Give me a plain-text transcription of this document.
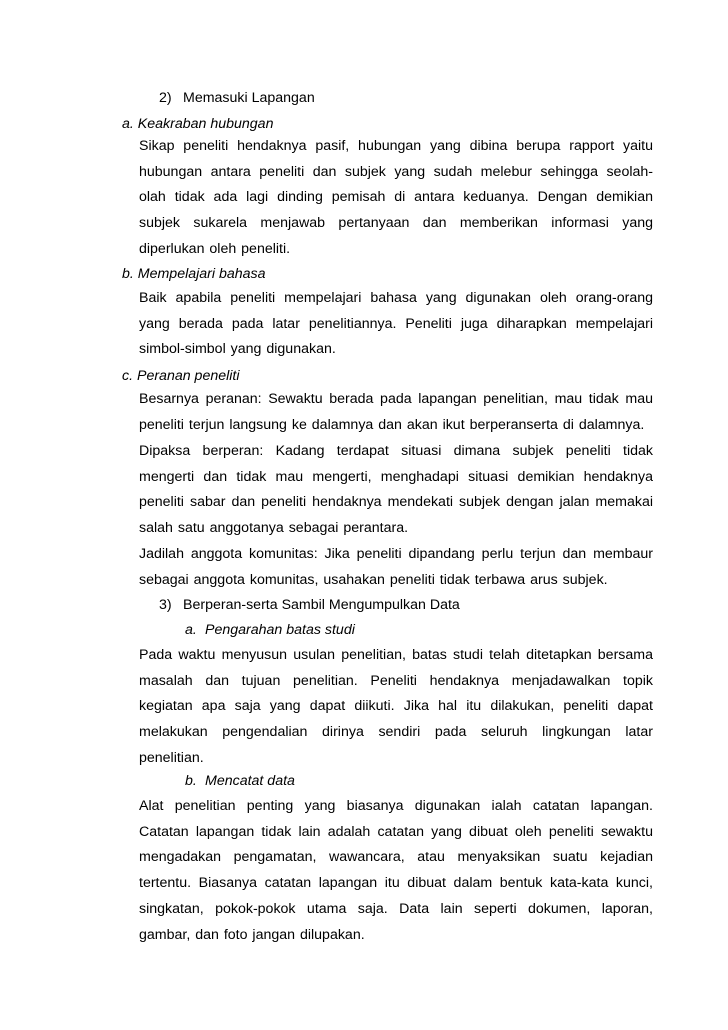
2) Memasuki Lapangan
a. Keakraban hubungan
Sikap peneliti hendaknya pasif, hubungan yang dibina berupa rapport yaitu
hubungan antara peneliti dan subjek yang sudah melebur sehingga seolah-
olah tidak ada lagi dinding pemisah di antara keduanya. Dengan demikian
subjek sukarela menjawab pertanyaan dan memberikan informasi yang
diperlukan oleh peneliti.
b. Mempelajari bahasa
Baik apabila peneliti mempelajari bahasa yang digunakan oleh orang-orang
yang berada pada latar penelitiannya. Peneliti juga diharapkan mempelajari
simbol-simbol yang digunakan.
c. Peranan peneliti
Besarnya peranan: Sewaktu berada pada lapangan penelitian, mau tidak mau
peneliti terjun langsung ke dalamnya dan akan ikut berperanserta di dalamnya.
Dipaksa berperan: Kadang terdapat situasi dimana subjek peneliti tidak
mengerti dan tidak mau mengerti, menghadapi situasi demikian hendaknya
peneliti sabar dan peneliti hendaknya mendekati subjek dengan jalan memakai
salah satu anggotanya sebagai perantara.
Jadilah anggota komunitas: Jika peneliti dipandang perlu terjun dan membaur
sebagai anggota komunitas, usahakan peneliti tidak terbawa arus subjek.
3) Berperan-serta Sambil Mengumpulkan Data
a. Pengarahan batas studi
Pada waktu menyusun usulan penelitian, batas studi telah ditetapkan bersama
masalah dan tujuan penelitian. Peneliti hendaknya menjadawalkan topik
kegiatan apa saja yang dapat diikuti. Jika hal itu dilakukan, peneliti dapat
melakukan pengendalian dirinya sendiri pada seluruh lingkungan latar
penelitian.
b. Mencatat data
Alat penelitian penting yang biasanya digunakan ialah catatan lapangan.
Catatan lapangan tidak lain adalah catatan yang dibuat oleh peneliti sewaktu
mengadakan pengamatan, wawancara, atau menyaksikan suatu kejadian
tertentu. Biasanya catatan lapangan itu dibuat dalam bentuk kata-kata kunci,
singkatan, pokok-pokok utama saja. Data lain seperti dokumen, laporan,
gambar, dan foto jangan dilupakan.
